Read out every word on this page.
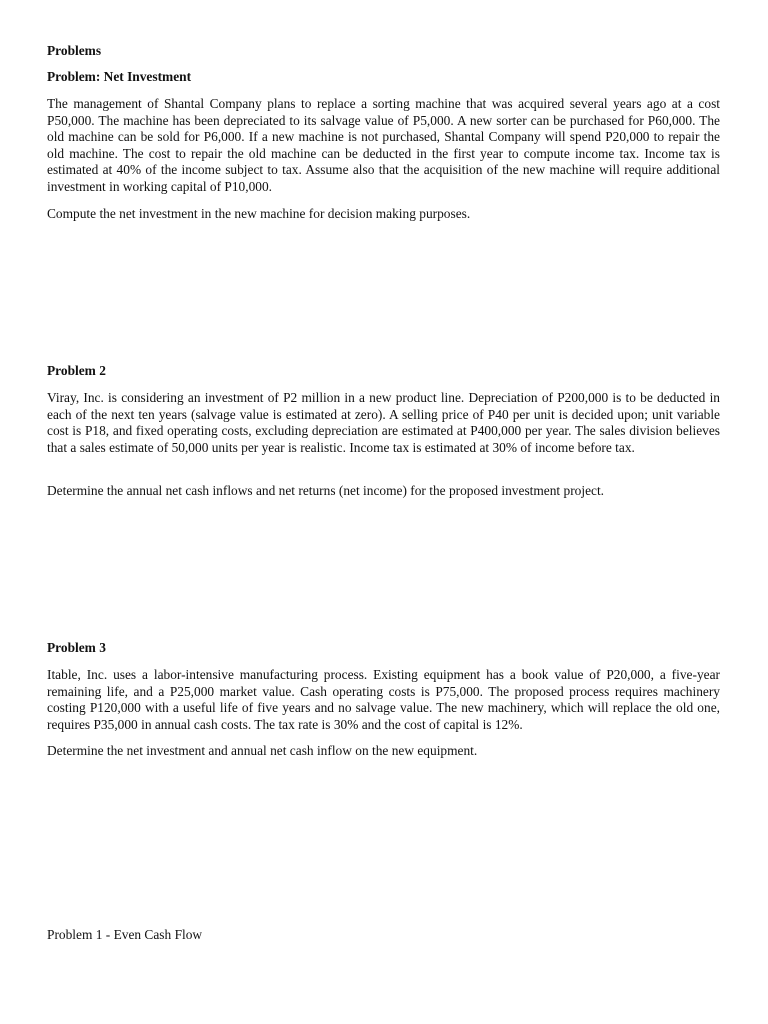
Problems
Problem: Net Investment
The management of Shantal Company plans to replace a sorting machine that was acquired several years ago at a cost P50,000. The machine has been depreciated to its salvage value of P5,000. A new sorter can be purchased for P60,000. The old machine can be sold for P6,000. If a new machine is not purchased, Shantal Company will spend P20,000 to repair the old machine. The cost to repair the old machine can be deducted in the first year to compute income tax. Income tax is estimated at 40% of the income subject to tax. Assume also that the acquisition of the new machine will require additional investment in working capital of P10,000.
Compute the net investment in the new machine for decision making purposes.
Problem 2
Viray, Inc. is considering an investment of P2 million in a new product line. Depreciation of P200,000 is to be deducted in each of the next ten years (salvage value is estimated at zero). A selling price of P40 per unit is decided upon; unit variable cost is P18, and fixed operating costs, excluding depreciation are estimated at P400,000 per year. The sales division believes that a sales estimate of 50,000 units per year is realistic. Income tax is estimated at 30% of income before tax.
Determine the annual net cash inflows and net returns (net income) for the proposed investment project.
Problem 3
Itable, Inc. uses a labor-intensive manufacturing process. Existing equipment has a book value of P20,000, a five-year remaining life, and a P25,000 market value. Cash operating costs is P75,000. The proposed process requires machinery costing P120,000 with a useful life of five years and no salvage value. The new machinery, which will replace the old one, requires P35,000 in annual cash costs. The tax rate is 30% and the cost of capital is 12%.
Determine the net investment and annual net cash inflow on the new equipment.
Problem 1 - Even Cash Flow
